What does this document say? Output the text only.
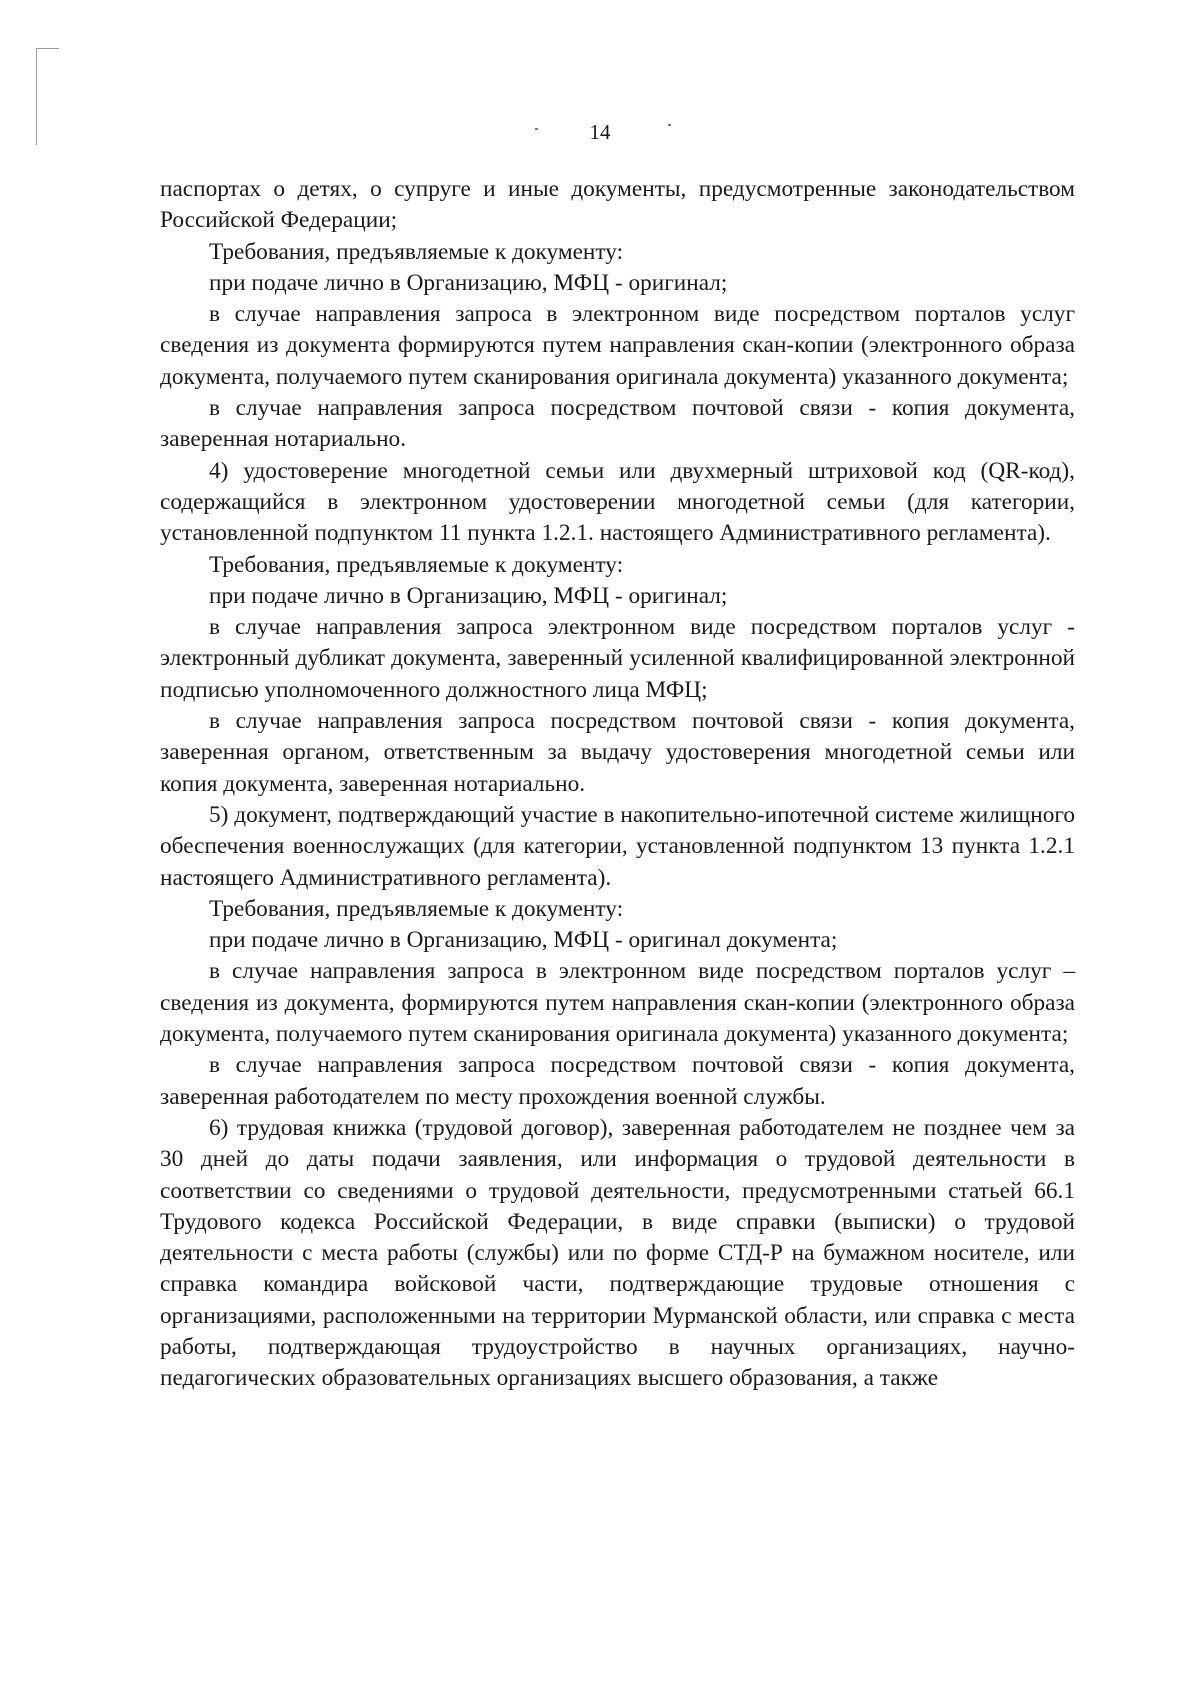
14

паспортах о детях, о супруге и иные документы, предусмотренные законодательством Российской Федерации;

Требования, предъявляемые к документу:

при подаче лично в Организацию, МФЦ - оригинал;

в случае направления запроса в электронном виде посредством порталов услуг сведения из документа формируются путем направления скан-копии (электронного образа документа, получаемого путем сканирования оригинала документа) указанного документа;

в случае направления запроса посредством почтовой связи - копия документа, заверенная нотариально.

4) удостоверение многодетной семьи или двухмерный штриховой код (QR-код), содержащийся в электронном удостоверении многодетной семьи (для категории, установленной подпунктом 11 пункта 1.2.1. настоящего Административного регламента).

Требования, предъявляемые к документу:

при подаче лично в Организацию, МФЦ - оригинал;

в случае направления запроса электронном виде посредством порталов услуг - электронный дубликат документа, заверенный усиленной квалифицированной электронной подписью уполномоченного должностного лица МФЦ;

в случае направления запроса посредством почтовой связи - копия документа, заверенная органом, ответственным за выдачу удостоверения многодетной семьи или копия документа, заверенная нотариально.

5) документ, подтверждающий участие в накопительно-ипотечной системе жилищного обеспечения военнослужащих (для категории, установленной подпунктом 13 пункта 1.2.1 настоящего Административного регламента).

Требования, предъявляемые к документу:

при подаче лично в Организацию, МФЦ - оригинал документа;

в случае направления запроса в электронном виде посредством порталов услуг – сведения из документа, формируются путем направления скан-копии (электронного образа документа, получаемого путем сканирования оригинала документа) указанного документа;

в случае направления запроса посредством почтовой связи - копия документа, заверенная работодателем по месту прохождения военной службы.

6) трудовая книжка (трудовой договор), заверенная работодателем не позднее чем за 30 дней до даты подачи заявления, или информация о трудовой деятельности в соответствии со сведениями о трудовой деятельности, предусмотренными статьей 66.1 Трудового кодекса Российской Федерации, в виде справки (выписки) о трудовой деятельности с места работы (службы) или по форме СТД-Р на бумажном носителе, или справка командира войсковой части, подтверждающие трудовые отношения с организациями, расположенными на территории Мурманской области, или справка с места работы, подтверждающая трудоустройство в научных организациях, научно-педагогических образовательных организациях высшего образования, а также
